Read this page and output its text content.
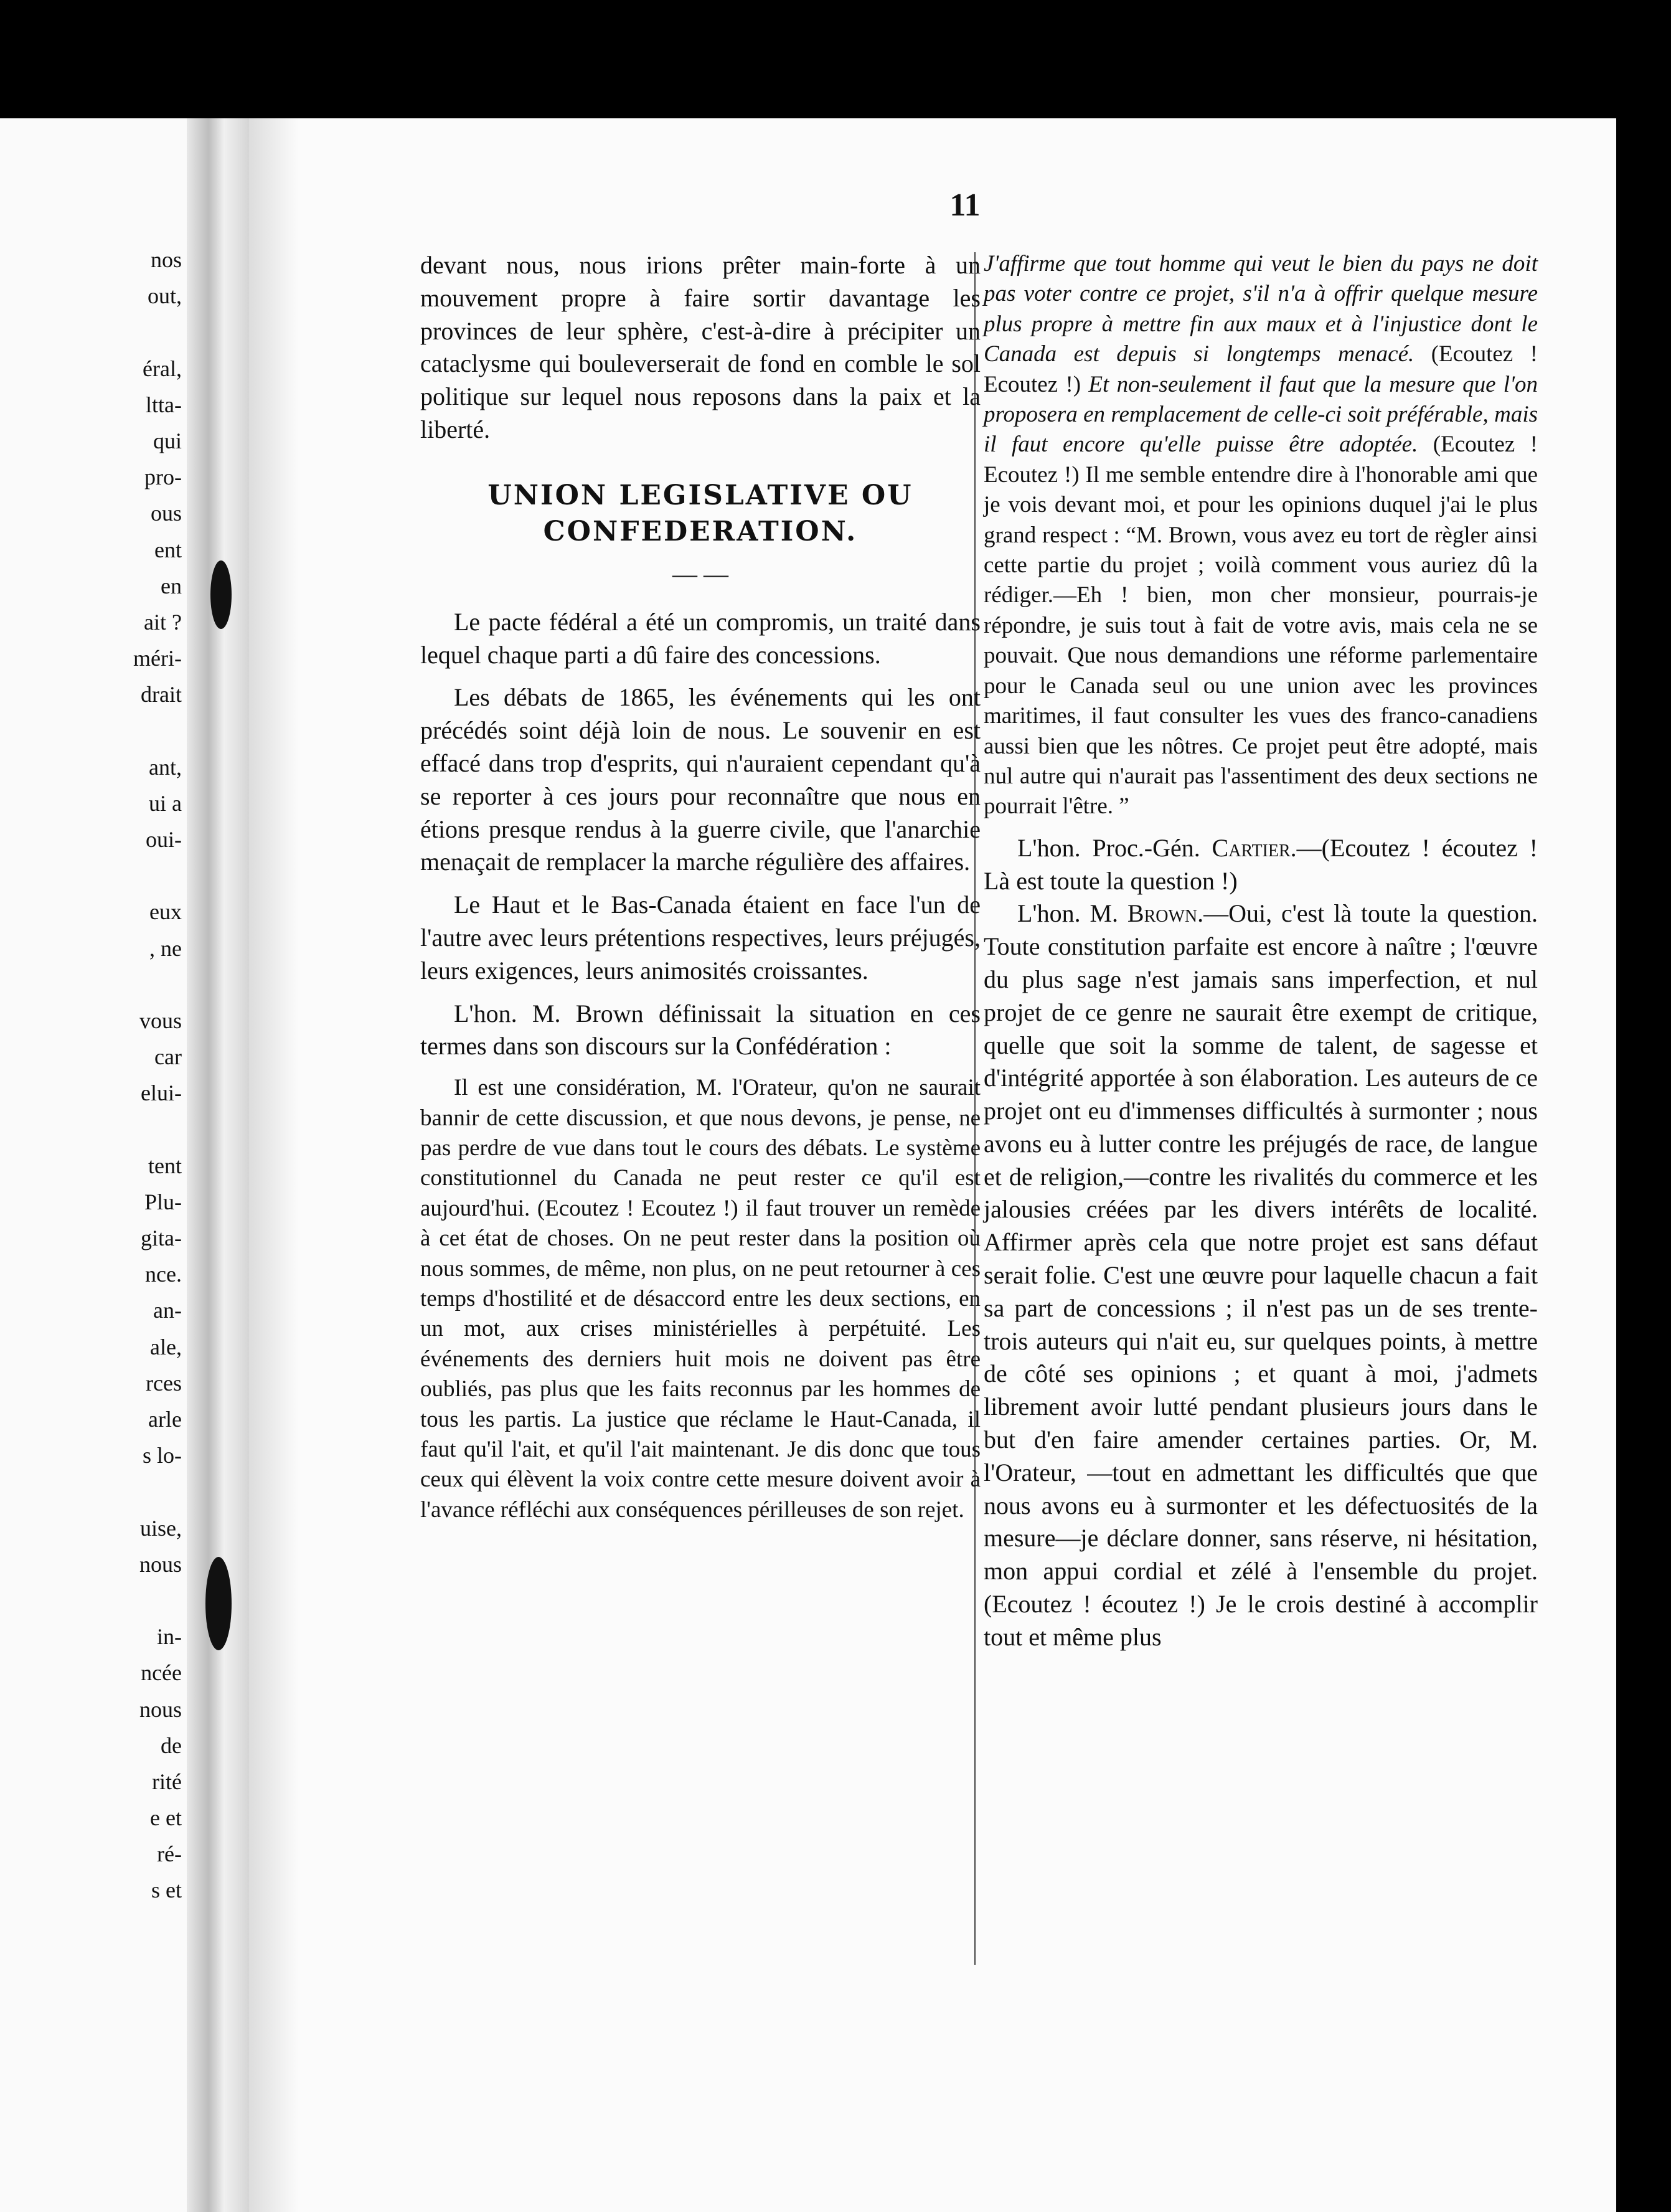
nos
out,
éral,
ltta-
qui
pro-
ous
ent
en
ait ?
méri-
drait
ant,
ui a
oui-
eux
, ne
vous
car
elui-
tent
Plu-
gita-
nce.
an-
ale,
rces
arle
s lo-
uise,
nous
in-
ncée
nous
de
rité
e et
ré-
s et
11

devant nous, nous irions prêter main-forte à un mouvement propre à faire sortir davantage les provinces de leur sphère, c'est-à-dire à précipiter un cataclysme qui bouleverserait de fond en comble le sol politique sur lequel nous reposons dans la paix et la liberté.

UNION LEGISLATIVE OU CONFEDERATION.
— —

Le pacte fédéral a été un compromis, un traité dans lequel chaque parti a dû faire des concessions.

Les débats de 1865, les événements qui les ont précédés soint déjà loin de nous. Le souvenir en est effacé dans trop d'esprits, qui n'auraient cependant qu'à se reporter à ces jours pour reconnaître que nous en étions presque rendus à la guerre civile, que l'anarchie menaçait de remplacer la marche régulière des affaires.

Le Haut et le Bas-Canada étaient en face l'un de l'autre avec leurs prétentions respectives, leurs préjugés, leurs exigences, leurs animosités croissantes.

L'hon. M. Brown définissait la situation en ces termes dans son discours sur la Confédération :

Il est une considération, M. l'Orateur, qu'on ne saurait bannir de cette discussion, et que nous devons, je pense, ne pas perdre de vue dans tout le cours des débats. Le système constitutionnel du Canada ne peut rester ce qu'il est aujourd'hui. (Ecoutez ! Ecoutez !) il faut trouver un remède à cet état de choses. On ne peut rester dans la position où nous sommes, de même, non plus, on ne peut retourner à ces temps d'hostilité et de désaccord entre les deux sections, en un mot, aux crises ministérielles à perpétuité. Les événements des derniers huit mois ne doivent pas être oubliés, pas plus que les faits reconnus par les hommes de tous les partis. La justice que réclame le Haut-Canada, il faut qu'il l'ait, et qu'il l'ait maintenant. Je dis donc que tous ceux qui élèvent la voix contre cette mesure doivent avoir à l'avance réfléchi aux conséquences périlleuses de son rejet.

J'affirme que tout homme qui veut le bien du pays ne doit pas voter contre ce projet, s'il n'a à offrir quelque mesure plus propre à mettre fin aux maux et à l'injustice dont le Canada est depuis si longtemps menacé. (Ecoutez ! Ecoutez !) Et non-seulement il faut que la mesure que l'on proposera en remplacement de celle-ci soit préférable, mais il faut encore qu'elle puisse être adoptée. (Ecoutez ! Ecoutez !) Il me semble entendre dire à l'honorable ami que je vois devant moi, et pour les opinions duquel j'ai le plus grand respect : “M. Brown, vous avez eu tort de règler ainsi cette partie du projet ; voilà comment vous auriez dû la rédiger.—Eh ! bien, mon cher monsieur, pourrais-je répondre, je suis tout à fait de votre avis, mais cela ne se pouvait. Que nous demandions une réforme parlementaire pour le Canada seul ou une union avec les provinces maritimes, il faut consulter les vues des franco-canadiens aussi bien que les nôtres. Ce projet peut être adopté, mais nul autre qui n'aurait pas l'assentiment des deux sections ne pourrait l'être. ”

L'hon. Proc.-Gén. Cartier.—(Ecoutez ! écoutez ! Là est toute la question !)

L'hon. M. Brown.—Oui, c'est là toute la question. Toute constitution parfaite est encore à naître ; l'œuvre du plus sage n'est jamais sans imperfection, et nul projet de ce genre ne saurait être exempt de critique, quelle que soit la somme de talent, de sagesse et d'intégrité apportée à son élaboration. Les auteurs de ce projet ont eu d'immenses difficultés à surmonter ; nous avons eu à lutter contre les préjugés de race, de langue et de religion,—contre les rivalités du commerce et les jalousies créées par les divers intérêts de localité. Affirmer après cela que notre projet est sans défaut serait folie. C'est une œuvre pour laquelle chacun a fait sa part de concessions ; il n'est pas un de ses trente-trois auteurs qui n'ait eu, sur quelques points, à mettre de côté ses opinions ; et quant à moi, j'admets librement avoir lutté pendant plusieurs jours dans le but d'en faire amender certaines parties. Or, M. l'Orateur, —tout en admettant les difficultés que que nous avons eu à surmonter et les défectuosités de la mesure—je déclare donner, sans réserve, ni hésitation, mon appui cordial et zélé à l'ensemble du projet. (Ecoutez ! écoutez !) Je le crois destiné à accomplir tout et même plus
